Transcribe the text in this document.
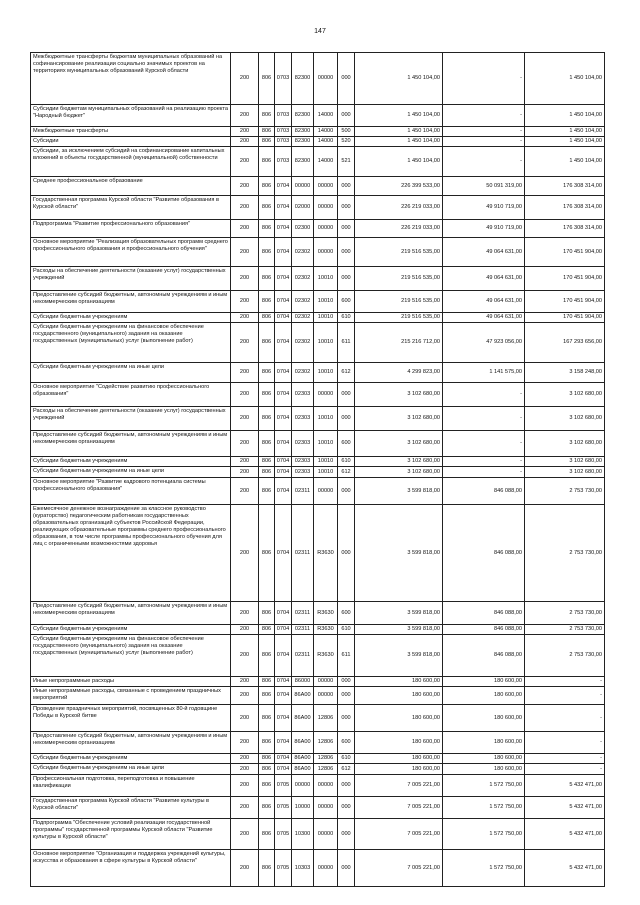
147
Межбюджетные трансферты бюджетам муниципальных образований на софинансирование реализации социально значимых проектов на территориях муниципальных образований Курской области	200	806	0703	82300	00000	000	1 450 104,00	-	1 450 104,00
Субсидии бюджетам муниципальных образований на реализацию проекта "Народный бюджет"	200	806	0703	82300	14000	000	1 450 104,00	-	1 450 104,00
Межбюджетные трансферты	200	806	0703	82300	14000	500	1 450 104,00	-	1 450 104,00
Субсидии	200	806	0703	82300	14000	520	1 450 104,00	-	1 450 104,00
Субсидии, за исключением субсидий на софинансирование капитальных вложений в объекты государственной (муниципальной) собственности	200	806	0703	82300	14000	521	1 450 104,00	-	1 450 104,00
Среднее профессиональное образование	200	806	0704	00000	00000	000	226 399 533,00	50 091 319,00	176 308 314,00
Государственная программа Курской области "Развитие образования в Курской области"	200	806	0704	02000	00000	000	226 219 033,00	49 910 719,00	176 308 314,00
Подпрограмма "Развитие профессионального образования"	200	806	0704	02300	00000	000	226 219 033,00	49 910 719,00	176 308 314,00
Основное мероприятие "Реализация образовательных программ среднего профессионального образования и профессионального обучения"	200	806	0704	02302	00000	000	219 516 535,00	49 064 631,00	170 451 904,00
Расходы на обеспечение деятельности (оказание услуг) государственных учреждений	200	806	0704	02302	10010	000	219 516 535,00	49 064 631,00	170 451 904,00
Предоставление субсидий бюджетным, автономным учреждениям и иным некоммерческим организациям	200	806	0704	02302	10010	600	219 516 535,00	49 064 631,00	170 451 904,00
Субсидии бюджетным учреждениям	200	806	0704	02302	10010	610	219 516 535,00	49 064 631,00	170 451 904,00
Субсидии бюджетным учреждениям на финансовое обеспечение государственного (муниципального) задания на оказание государственных (муниципальных) услуг (выполнение работ)	200	806	0704	02302	10010	611	215 216 712,00	47 923 056,00	167 293 656,00
Субсидии бюджетным учреждениям на иные цели	200	806	0704	02302	10010	612	4 299 823,00	1 141 575,00	3 158 248,00
Основное мероприятие "Содействие развитию профессионального образования"	200	806	0704	02303	00000	000	3 102 680,00	-	3 102 680,00
Расходы на обеспечение деятельности (оказание услуг) государственных учреждений	200	806	0704	02303	10010	000	3 102 680,00	-	3 102 680,00
Предоставление субсидий бюджетным, автономным учреждениям и иным некоммерческим организациям	200	806	0704	02303	10010	600	3 102 680,00	-	3 102 680,00
Субсидии бюджетным учреждениям	200	806	0704	02303	10010	610	3 102 680,00	-	3 102 680,00
Субсидии бюджетным учреждениям на иные цели	200	806	0704	02303	10010	612	3 102 680,00	-	3 102 680,00
Основное мероприятие "Развитие кадрового потенциала системы профессионального образования"	200	806	0704	02311	00000	000	3 599 818,00	846 088,00	2 753 730,00
Ежемесячное денежное вознаграждение за классное руководство (кураторство) педагогическим работникам государственных образовательных организаций субъектов Российской Федерации, реализующих образовательные программы среднего профессионального образования, в том числе программы профессионального обучения для лиц с ограниченными возможностями здоровья	200	806	0704	02311	R3630	000	3 599 818,00	846 088,00	2 753 730,00
Предоставление субсидий бюджетным, автономным учреждениям и иным некоммерческим организациям	200	806	0704	02311	R3630	600	3 599 818,00	846 088,00	2 753 730,00
Субсидии бюджетным учреждениям	200	806	0704	02311	R3630	610	3 599 818,00	846 088,00	2 753 730,00
Субсидии бюджетным учреждениям на финансовое обеспечение государственного (муниципального) задания на оказание государственных (муниципальных) услуг (выполнение работ)	200	806	0704	02311	R3630	611	3 599 818,00	846 088,00	2 753 730,00
Иные непрограммные расходы	200	806	0704	86000	00000	000	180 600,00	180 600,00	-
Иные непрограммные расходы, связанные с проведением праздничных мероприятий	200	806	0704	86А00	00000	000	180 600,00	180 600,00	-
Проведение праздничных мероприятий, посвященных 80-й годовщине Победы в Курской битве	200	806	0704	86А00	12806	000	180 600,00	180 600,00	-
Предоставление субсидий бюджетным, автономным учреждениям и иным некоммерческим организациям	200	806	0704	86А00	12806	600	180 600,00	180 600,00	-
Субсидии бюджетным учреждениям	200	806	0704	86А00	12806	610	180 600,00	180 600,00	-
Субсидии бюджетным учреждениям на иные цели	200	806	0704	86А00	12806	612	180 600,00	180 600,00	-
Профессиональная подготовка, переподготовка и повышение квалификации	200	806	0705	00000	00000	000	7 005 221,00	1 572 750,00	5 432 471,00
Государственная программа Курской области "Развитие культуры в Курской области"	200	806	0705	10000	00000	000	7 005 221,00	1 572 750,00	5 432 471,00
Подпрограмма "Обеспечение условий реализации государственной программы" государственной программы Курской области "Развитие культуры в Курской области"	200	806	0705	10300	00000	000	7 005 221,00	1 572 750,00	5 432 471,00
Основное мероприятие "Организация и поддержка учреждений культуры, искусства и образования в сфере культуры в Курской области"	200	806	0705	10303	00000	000	7 005 221,00	1 572 750,00	5 432 471,00
